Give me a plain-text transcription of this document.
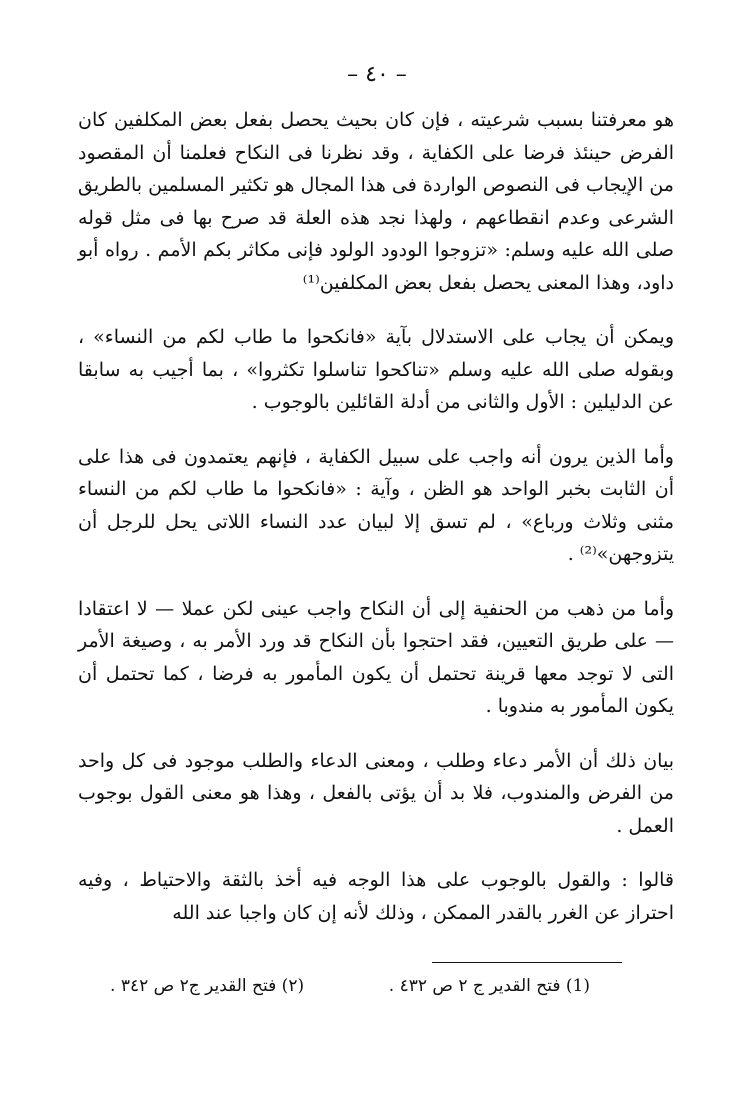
– ٤٠ –

هو معرفتنا بسبب شرعيته ، فإن كان بحيث يحصل بفعل بعض المكلفين كان الفرض حينئذ فرضا على الكفاية ، وقد نظرنا فى النكاح فعلمنا أن المقصود من الإيجاب فى النصوص الواردة فى هذا المجال هو تكثير المسلمين بالطريق الشرعى وعدم انقطاعهم ، ولهذا نجد هذه العلة قد صرح بها فى مثل قوله صلى الله عليه وسلم: «تزوجوا الودود الولود فإنى مكاثر بكم الأمم . رواه أبو داود، وهذا المعنى يحصل بفعل بعض المكلفين⁽¹⁾

ويمكن أن يجاب على الاستدلال بآية «فانكحوا ما طاب لكم من النساء» ، وبقوله صلى الله عليه وسلم «تناكحوا تناسلوا تكثروا» ، بما أجيب به سابقا عن الدليلين : الأول والثانى من أدلة القائلين بالوجوب .

وأما الذين يرون أنه واجب على سبيل الكفاية ، فإنهم يعتمدون فى هذا على أن الثابت بخبر الواحد هو الظن ، وآية : «فانكحوا ما طاب لكم من النساء مثنى وثلاث ورباع» ، لم تسق إلا لبيان عدد النساء اللاتى يحل للرجل أن يتزوجهن»⁽²⁾ .

وأما من ذهب من الحنفية إلى أن النكاح واجب عينى لكن عملا — لا اعتقادا — على طريق التعيين، فقد احتجوا بأن النكاح قد ورد الأمر به ، وصيغة الأمر التى لا توجد معها قرينة تحتمل أن يكون المأمور به فرضا ، كما تحتمل أن يكون المأمور به مندوبا .

بيان ذلك أن الأمر دعاء وطلب ، ومعنى الدعاء والطلب موجود فى كل واحد من الفرض والمندوب، فلا بد أن يؤتى بالفعل ، وهذا هو معنى القول بوجوب العمل .

قالوا : والقول بالوجوب على هذا الوجه فيه أخذ بالثقة والاحتياط ، وفيه احتراز عن الغرر بالقدر الممكن ، وذلك لأنه إن كان واجبا عند الله

(1) فتح القدير ج ٢ ص ٤٣٢ .
(٢) فتح القدير ج٢ ص ٣٤٢ .
